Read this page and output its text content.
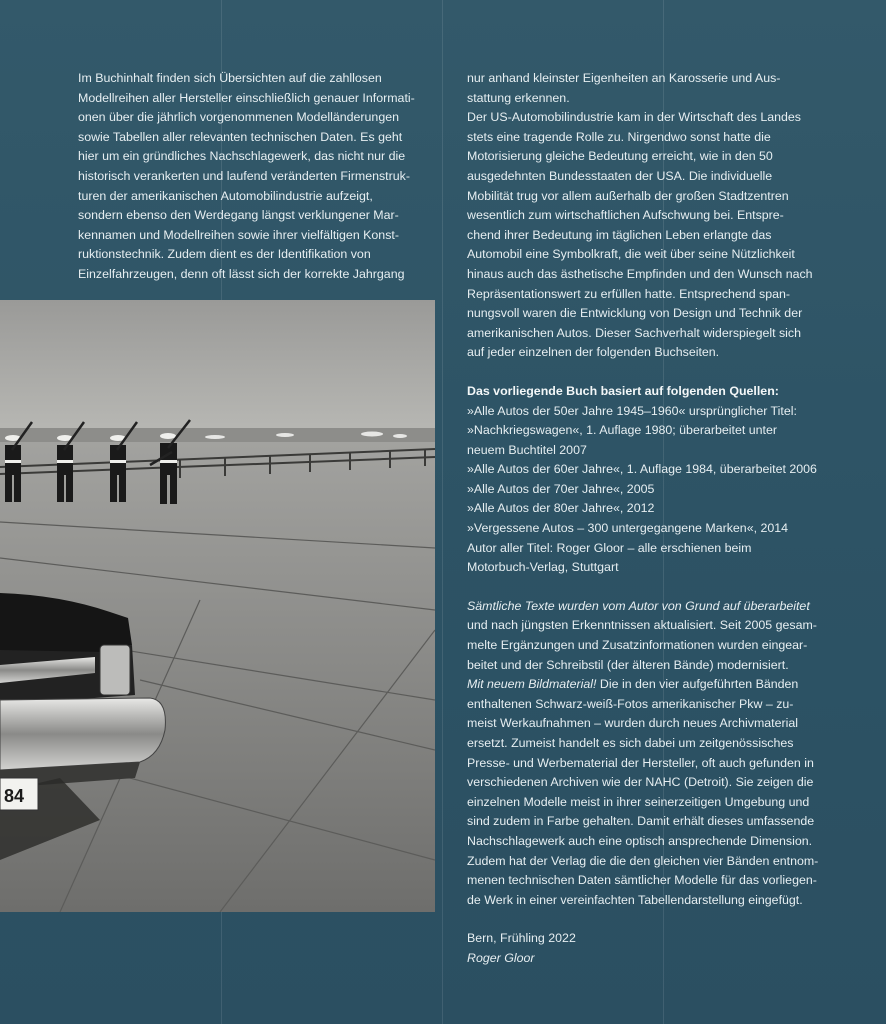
Im Buchinhalt finden sich Übersichten auf die zahllosen

Modellreihen aller Hersteller einschließlich genauer Informati-

onen über die jährlich vorgenommenen Modelländerungen

sowie Tabellen aller relevanten technischen Daten. Es geht

hier um ein gründliches Nachschlagewerk, das nicht nur die

historisch verankerten und laufend veränderten Firmenstruk-

turen der amerikanischen Automobilindustrie aufzeigt,

sondern ebenso den Werdegang längst verklungener Mar-

kennamen und Modellreihen sowie ihrer vielfältigen Konst-

ruktionstechnik. Zudem dient es der Identifikation von

Einzelfahrzeugen, denn oft lässt sich der korrekte Jahrgang

84

nur anhand kleinster Eigenheiten an Karosserie und Aus-

stattung erkennen.

Der US-Automobilindustrie kam in der Wirtschaft des Landes

stets eine tragende Rolle zu. Nirgendwo sonst hatte die

Motorisierung gleiche Bedeutung erreicht, wie in den 50

ausgedehnten Bundesstaaten der USA. Die individuelle

Mobilität trug vor allem außerhalb der großen Stadtzentren

wesentlich zum wirtschaftlichen Aufschwung bei. Entspre-

chend ihrer Bedeutung im täglichen Leben erlangte das

Automobil eine Symbolkraft, die weit über seine Nützlichkeit

hinaus auch das ästhetische Empfinden und den Wunsch nach

Repräsentationswert zu erfüllen hatte. Entsprechend span-

nungsvoll waren die Entwicklung von Design und Technik der

amerikanischen Autos. Dieser Sachverhalt widerspiegelt sich

auf jeder einzelnen der folgenden Buchseiten.

Das vorliegende Buch basiert auf folgenden Quellen:

»Alle Autos der 50er Jahre 1945–1960« ursprünglicher Titel:

»Nachkriegswagen«, 1. Auflage 1980; überarbeitet unter

neuem Buchtitel 2007

»Alle Autos der 60er Jahre«, 1. Auflage 1984, überarbeitet 2006

»Alle Autos der 70er Jahre«, 2005

»Alle Autos der 80er Jahre«, 2012

»Vergessene Autos – 300 untergegangene Marken«, 2014

Autor aller Titel: Roger Gloor – alle erschienen beim

Motorbuch-Verlag, Stuttgart

Sämtliche Texte wurden vom Autor von Grund auf überarbeitet

und nach jüngsten Erkenntnissen aktualisiert. Seit 2005 gesam-

melte Ergänzungen und Zusatzinformationen wurden eingear-

beitet und der Schreibstil (der älteren Bände) modernisiert.

Mit neuem Bildmaterial! Die in den vier aufgeführten Bänden

enthaltenen Schwarz-weiß-Fotos amerikanischer Pkw – zu-

meist Werkaufnahmen – wurden durch neues Archivmaterial

ersetzt. Zumeist handelt es sich dabei um zeitgenössisches

Presse- und Werbematerial der Hersteller, oft auch gefunden in

verschiedenen Archiven wie der NAHC (Detroit). Sie zeigen die

einzelnen Modelle meist in ihrer seinerzeitigen Umgebung und

sind zudem in Farbe gehalten. Damit erhält dieses umfassende

Nachschlagewerk auch eine optisch ansprechende Dimension.

Zudem hat der Verlag die die den gleichen vier Bänden entnom-

menen technischen Daten sämtlicher Modelle für das vorliegen-

de Werk in einer vereinfachten Tabellendarstellung eingefügt.

Bern, Frühling 2022

Roger Gloor
